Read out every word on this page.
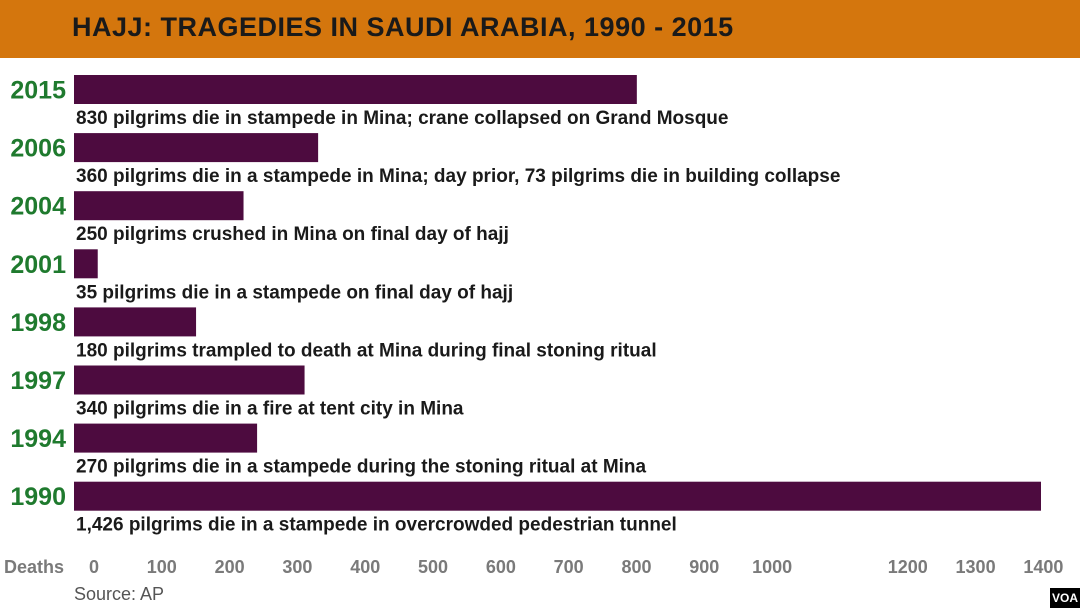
HAJJ: TRAGEDIES IN SAUDI ARABIA, 1990 - 2015
2015
830 pilgrims die in stampede in Mina; crane collapsed on Grand Mosque
2006
360 pilgrims die in a stampede in Mina; day prior, 73 pilgrims die in building collapse
2004
250 pilgrims crushed in Mina on final day of hajj
2001
35 pilgrims die in a stampede on final day of hajj
1998
180 pilgrims trampled to death at Mina during final stoning ritual
1997
340 pilgrims die in a fire at tent city in Mina
1994
270 pilgrims die in a stampede during the stoning ritual at Mina
1990
1,426 pilgrims die in a stampede in overcrowded pedestrian tunnel
Deaths 0	100 200 300 400 500 600 700 800 900 1000	1200 1300 1400
Source: AP	VOA
